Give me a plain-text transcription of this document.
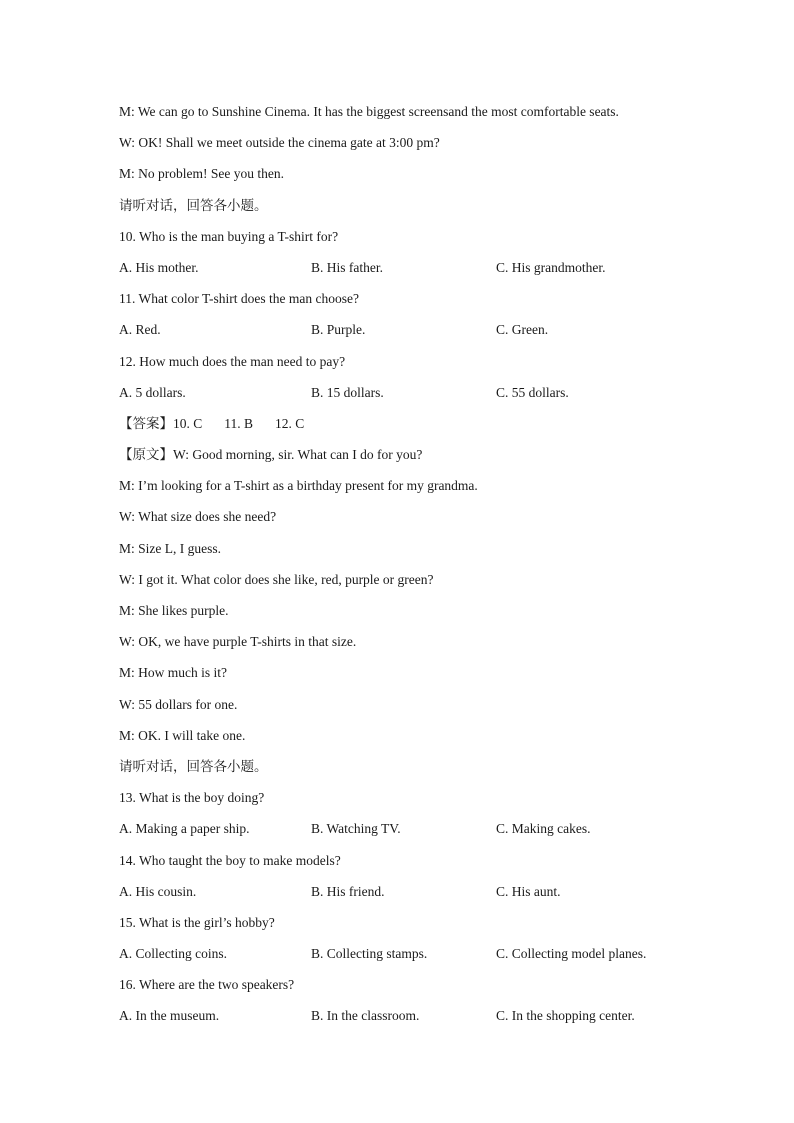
M: We can go to Sunshine Cinema. It has the biggest screensand the most comfortable seats.
W: OK! Shall we meet outside the cinema gate at 3:00 pm?
M: No problem! See you then.
请听对话，回答各小题。
10. Who is the man buying a T-shirt for?
A. His mother.	B. His father.	C. His grandmother.
11. What color T-shirt does the man choose?
A. Red.	B. Purple.	C. Green.
12. How much does the man need to pay?
A. 5 dollars.	B. 15 dollars.	C. 55 dollars.
【答案】10. C 11. B 12. C
【原文】W: Good morning, sir. What can I do for you?
M: I’m looking for a T-shirt as a birthday present for my grandma.
W: What size does she need?
M: Size L, I guess.
W: I got it. What color does she like, red, purple or green?
M: She likes purple.
W: OK, we have purple T-shirts in that size.
M: How much is it?
W: 55 dollars for one.
M: OK. I will take one.
请听对话，回答各小题。
13. What is the boy doing?
A. Making a paper ship.	B. Watching TV.	C. Making cakes.
14. Who taught the boy to make models?
A. His cousin.	B. His friend.	C. His aunt.
15. What is the girl’s hobby?
A. Collecting coins.	B. Collecting stamps.	C. Collecting model planes.
16. Where are the two speakers?
A. In the museum.	B. In the classroom.	C. In the shopping center.
